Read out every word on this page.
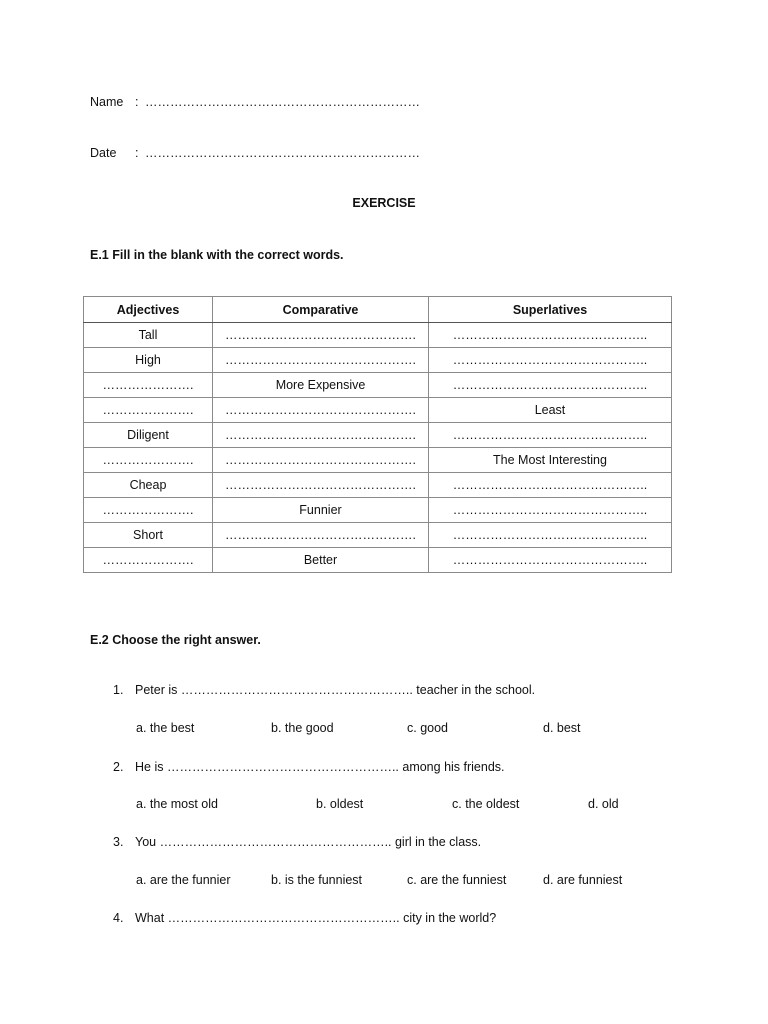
Name : …………………………………………………………
Date : …………………………………………………………
EXERCISE
E.1 Fill in the blank with the correct words.
Adjectives	Comparative	Superlatives
Tall	……………………………………….	………………………………………..
High	……………………………………….	………………………………………..
………………….	More Expensive	………………………………………..
………………….	……………………………………….	Least
Diligent	……………………………………….	………………………………………..
………………….	……………………………………….	The Most Interesting
Cheap	……………………………………….	………………………………………..
………………….	Funnier	………………………………………..
Short	……………………………………….	………………………………………..
………………….	Better	………………………………………..
E.2 Choose the right answer.
1. Peter is ……………………………………………….. teacher in the school.
a. the best	b. the good	c. good	d. best
2. He is ……………………………………………….. among his friends.
a. the most old	b. oldest	c. the oldest	d. old
3. You ……………………………………………….. girl in the class.
a. are the funnier	b. is the funniest	c. are the funniest	d. are funniest
4. What ……………………………………………….. city in the world?
